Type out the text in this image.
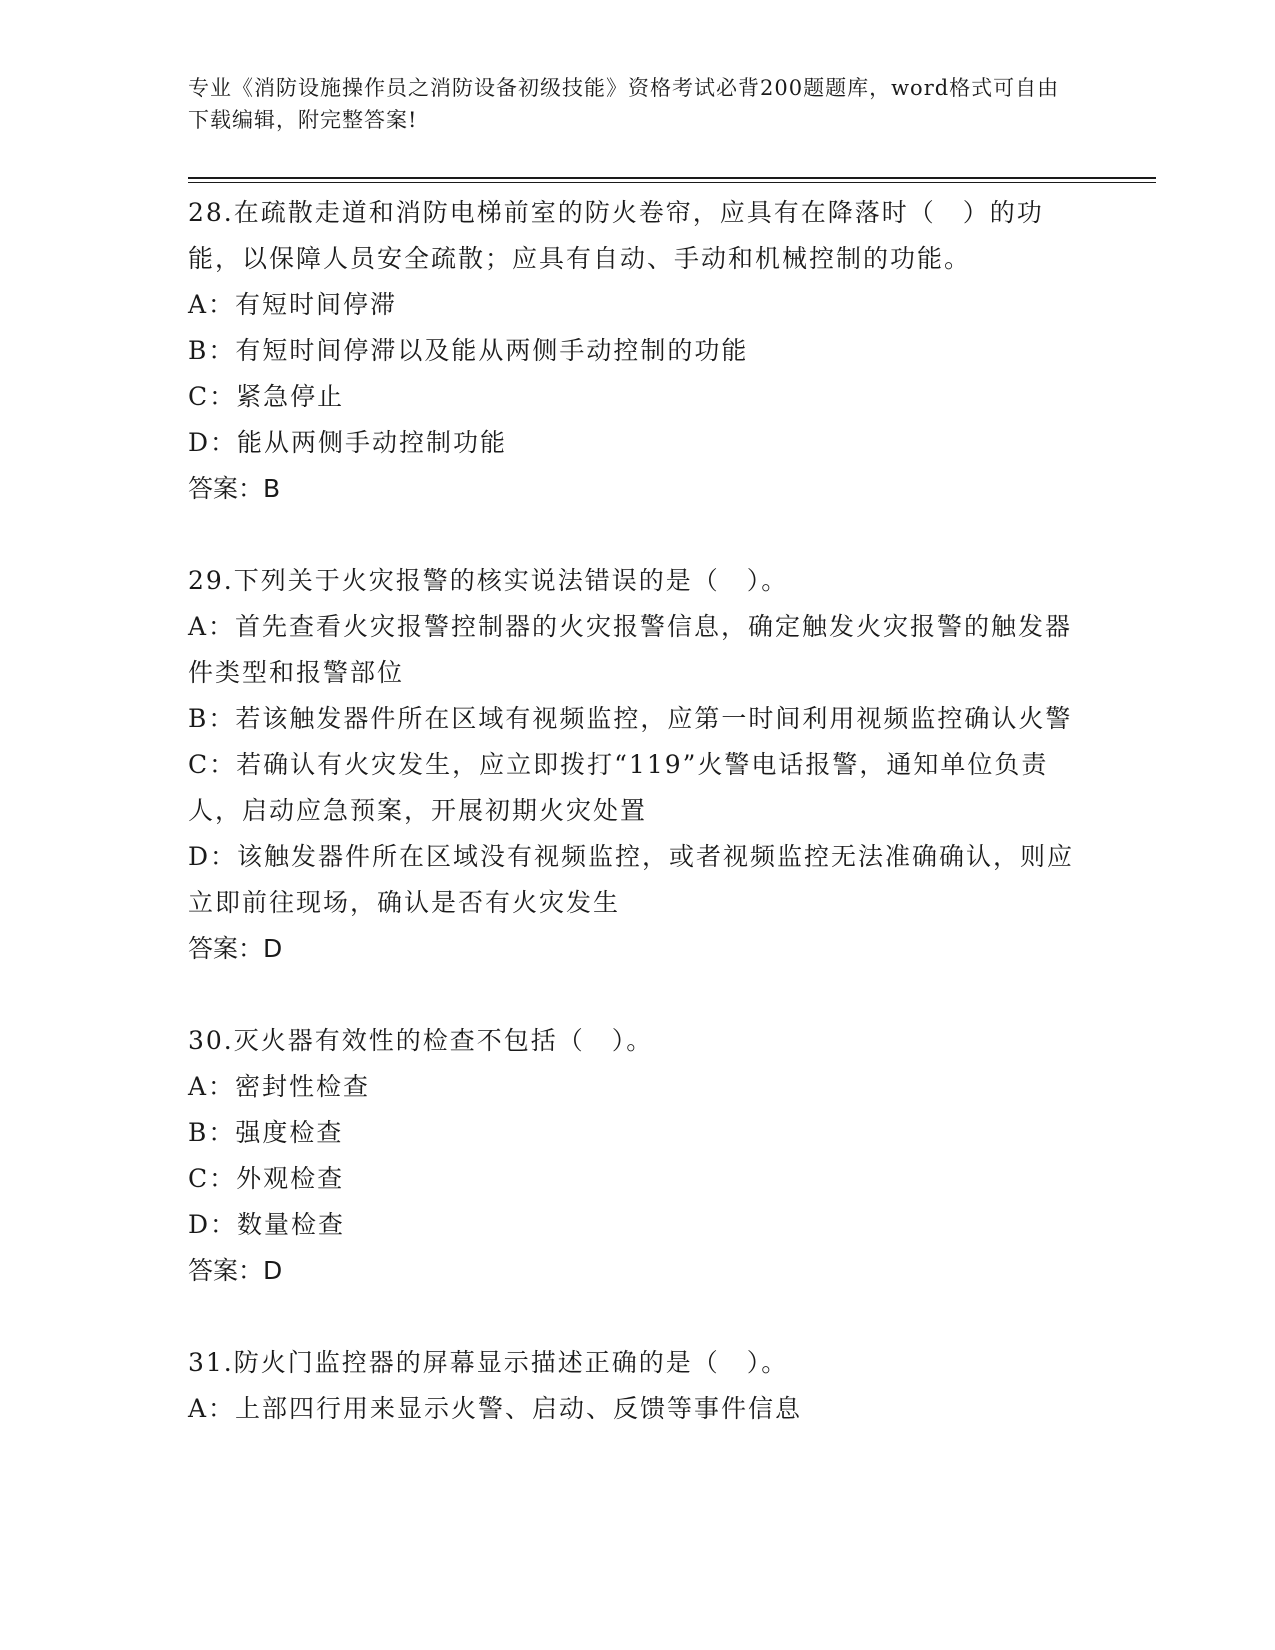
专业《消防设施操作员之消防设备初级技能》资格考试必背200题题库，word格式可自由下载编辑，附完整答案!
28.在疏散走道和消防电梯前室的防火卷帘，应具有在降落时（　）的功能，以保障人员安全疏散；应具有自动、手动和机械控制的功能。
A：有短时间停滞
B：有短时间停滞以及能从两侧手动控制的功能
C：紧急停止
D：能从两侧手动控制功能
答案：B
29.下列关于火灾报警的核实说法错误的是（　）。
A：首先查看火灾报警控制器的火灾报警信息，确定触发火灾报警的触发器件类型和报警部位
B：若该触发器件所在区域有视频监控，应第一时间利用视频监控确认火警
C：若确认有火灾发生，应立即拨打“119”火警电话报警，通知单位负责人，启动应急预案，开展初期火灾处置
D：该触发器件所在区域没有视频监控，或者视频监控无法准确确认，则应立即前往现场，确认是否有火灾发生
答案：D
30.灭火器有效性的检查不包括（　）。
A：密封性检查
B：强度检查
C：外观检查
D：数量检查
答案：D
31.防火门监控器的屏幕显示描述正确的是（　）。
A：上部四行用来显示火警、启动、反馈等事件信息
